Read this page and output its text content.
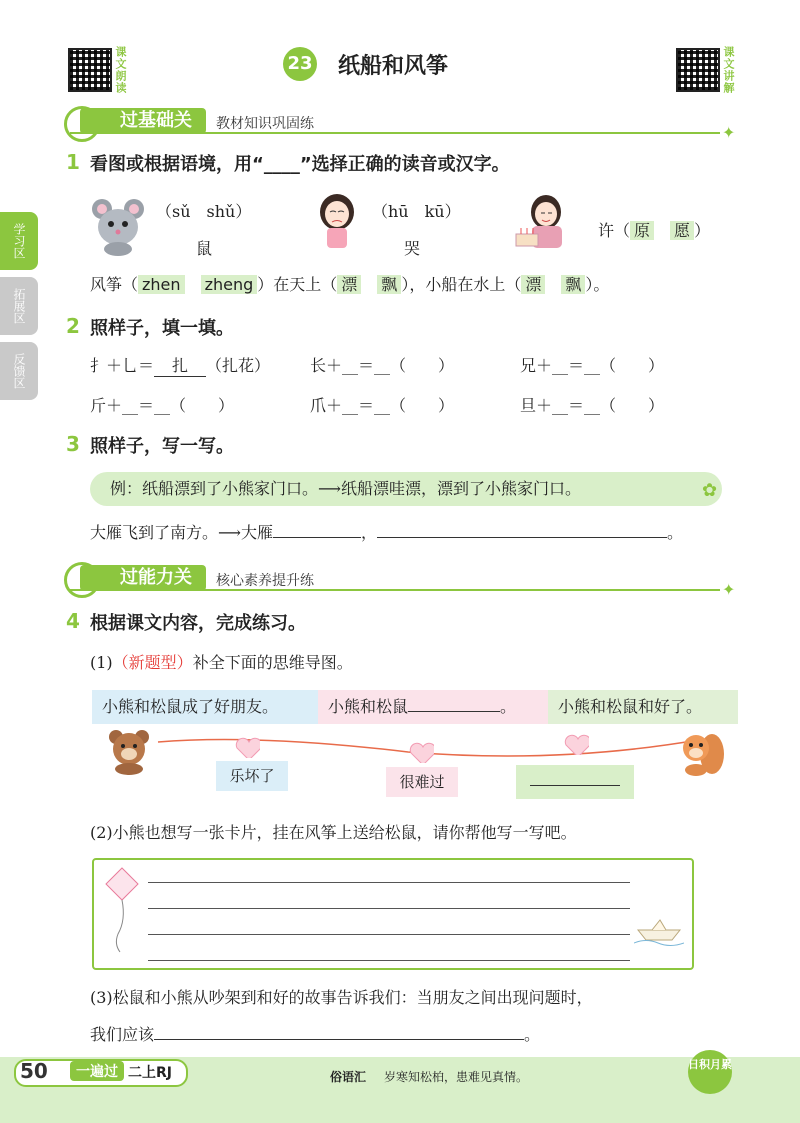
课文朗读	23 纸船和风筝	课文讲解
学习区
拓展区
反馈区
过基础关	教材知识巩固练	✦
1 看图或根据语境，用“____”选择正确的读音或汉字。
（sǔ　shǔ）
鼠
（hū　kū）
哭
许（ 原　 愿 ）
风筝（ zhen　 zheng ）在天上（ 漂　 飘 ），小船在水上（ 漂　 飘 ）。
2 照样子，填一填。
扌＋乚＝ 扎 （扎花） 长＋__＝__（　　）	兄＋__＝__（　　）
斤＋__＝__（　　）	爪＋__＝__（　　）	旦＋__＝__（　　）
3 照样子，写一写。
例：纸船漂到了小熊家门口。⟶纸船漂哇漂，漂到了小熊家门口。	✿
大雁飞到了南方。⟶大雁	，	。
过能力关	核心素养提升练	✦
4 根据课文内容，完成练习。
(1)（新题型）补全下面的思维导图。
小熊和松鼠成了好朋友。	小熊和松鼠	。	小熊和松鼠和好了。
乐坏了	很难过
(2)小熊也想写一张卡片，挂在风筝上送给松鼠，请你帮他写一写吧。
(3)松鼠和小熊从吵架到和好的故事告诉我们：当朋友之间出现问题时，
我们应该	。
50	一遍过 二上RJ	俗语汇 岁寒知松柏，患难见真情。
日积月累
